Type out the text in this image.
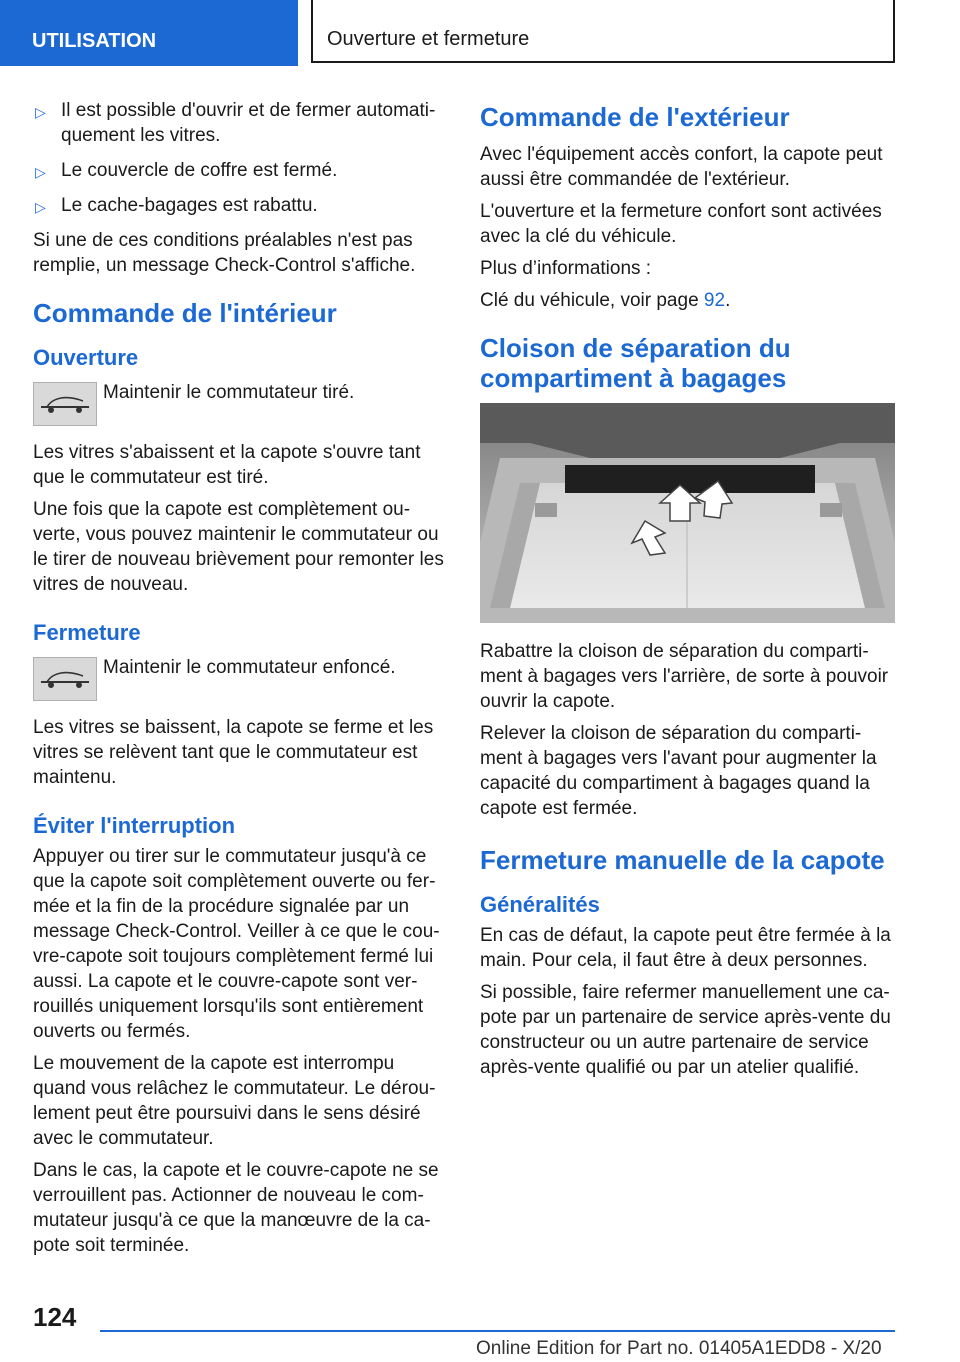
UTILISATION	Ouverture et fermeture
▷ Il est possible d'ouvrir et de fermer automati-quement les vitres.
▷ Le couvercle de coffre est fermé.
▷ Le cache-bagages est rabattu.

Si une de ces conditions préalables n'est pas remplie, un message Check-Control s'affiche.

Commande de l'intérieur
Ouverture
Maintenir le commutateur tiré.

Les vitres s'abaissent et la capote s'ouvre tant que le commutateur est tiré.

Une fois que la capote est complètement ou-verte, vous pouvez maintenir le commutateur ou le tirer de nouveau brièvement pour remonter les vitres de nouveau.

Fermeture
Maintenir le commutateur enfoncé.

Les vitres se baissent, la capote se ferme et les vitres se relèvent tant que le commutateur est maintenu.

Éviter l'interruption

Appuyer ou tirer sur le commutateur jusqu'à ce que la capote soit complètement ouverte ou fer-mée et la fin de la procédure signalée par un message Check-Control. Veiller à ce que le cou-vre-capote soit toujours complètement fermé lui aussi. La capote et le couvre-capote sont ver-rouillés uniquement lorsqu'ils sont entièrement ouverts ou fermés.

Le mouvement de la capote est interrompu quand vous relâchez le commutateur. Le dérou-lement peut être poursuivi dans le sens désiré avec le commutateur.

Dans le cas, la capote et le couvre-capote ne se verrouillent pas. Actionner de nouveau le com-mutateur jusqu'à ce que la manœuvre de la ca-pote soit terminée.

Commande de l'extérieur

Avec l'équipement accès confort, la capote peut aussi être commandée de l'extérieur.

L'ouverture et la fermeture confort sont activées avec la clé du véhicule.

Plus d’informations :

Clé du véhicule, voir page 92.

Cloison de séparation du compartiment à bagages

Rabattre la cloison de séparation du comparti-ment à bagages vers l'arrière, de sorte à pouvoir ouvrir la capote.

Relever la cloison de séparation du comparti-ment à bagages vers l'avant pour augmenter la capacité du compartiment à bagages quand la capote est fermée.

Fermeture manuelle de la capote
Généralités

En cas de défaut, la capote peut être fermée à la main. Pour cela, il faut être à deux personnes.

Si possible, faire refermer manuellement une ca-pote par un partenaire de service après-vente du constructeur ou un autre partenaire de service après-vente qualifié ou par un atelier qualifié.

124
Online Edition for Part no. 01405A1EDD8 - X/20
